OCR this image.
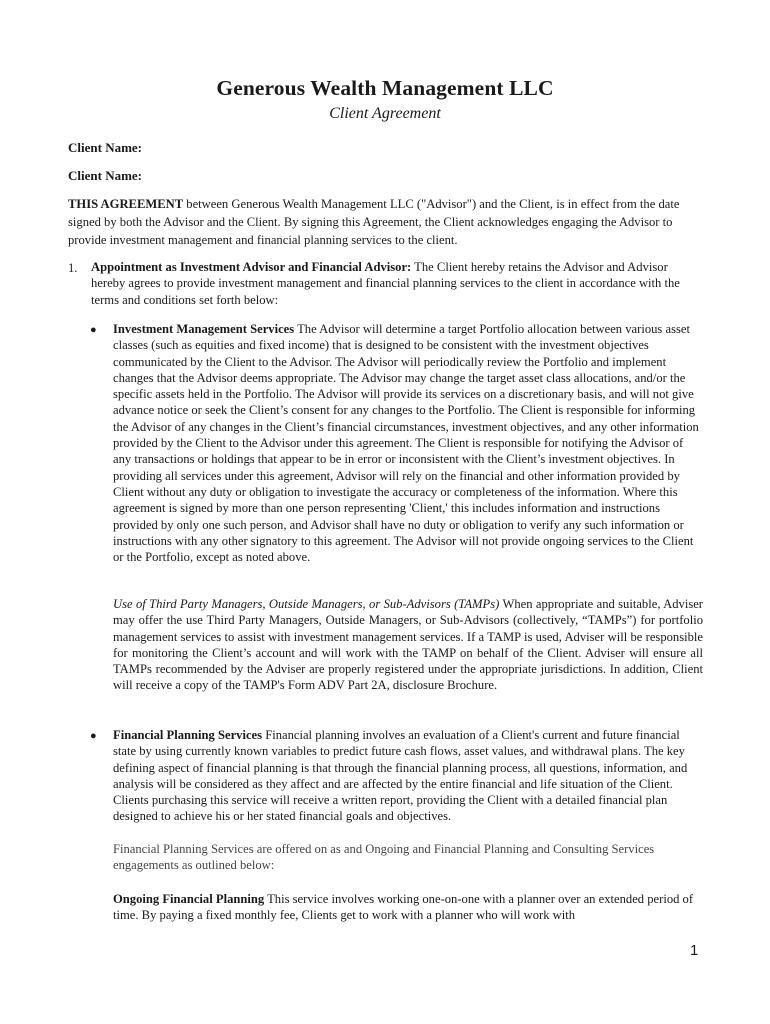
Generous Wealth Management LLC
Client Agreement
Client Name:
Client Name:

THIS AGREEMENT between Generous Wealth Management LLC ("Advisor") and the Client, is in effect from the date signed by both the Advisor and the Client. By signing this Agreement, the Client acknowledges engaging the Advisor to provide investment management and financial planning services to the client.

1. Appointment as Investment Advisor and Financial Advisor: The Client hereby retains the Advisor and Advisor hereby agrees to provide investment management and financial planning services to the client in accordance with the terms and conditions set forth below:

● Investment Management Services The Advisor will determine a target Portfolio allocation between various asset classes (such as equities and fixed income) that is designed to be consistent with the investment objectives communicated by the Client to the Advisor. The Advisor will periodically review the Portfolio and implement changes that the Advisor deems appropriate. The Advisor may change the target asset class allocations, and/or the specific assets held in the Portfolio. The Advisor will provide its services on a discretionary basis, and will not give advance notice or seek the Client’s consent for any changes to the Portfolio. The Client is responsible for informing the Advisor of any changes in the Client’s financial circumstances, investment objectives, and any other information provided by the Client to the Advisor under this agreement. The Client is responsible for notifying the Advisor of any transactions or holdings that appear to be in error or inconsistent with the Client’s investment objectives. In providing all services under this agreement, Advisor will rely on the financial and other information provided by Client without any duty or obligation to investigate the accuracy or completeness of the information. Where this agreement is signed by more than one person representing 'Client,' this includes information and instructions provided by only one such person, and Advisor shall have no duty or obligation to verify any such information or instructions with any other signatory to this agreement. The Advisor will not provide ongoing services to the Client or the Portfolio, except as noted above.

Use of Third Party Managers, Outside Managers, or Sub-Advisors (TAMPs) When appropriate and suitable, Adviser may offer the use Third Party Managers, Outside Managers, or Sub-Advisors (collectively, “TAMPs”) for portfolio management services to assist with investment management services. If a TAMP is used, Adviser will be responsible for monitoring the Client’s account and will work with the TAMP on behalf of the Client. Adviser will ensure all TAMPs recommended by the Adviser are properly registered under the appropriate jurisdictions. In addition, Client will receive a copy of the TAMP's Form ADV Part 2A, disclosure Brochure.

● Financial Planning Services Financial planning involves an evaluation of a Client's current and future financial state by using currently known variables to predict future cash flows, asset values, and withdrawal plans. The key defining aspect of financial planning is that through the financial planning process, all questions, information, and analysis will be considered as they affect and are affected by the entire financial and life situation of the Client. Clients purchasing this service will receive a written report, providing the Client with a detailed financial plan designed to achieve his or her stated financial goals and objectives.

Financial Planning Services are offered on as and Ongoing and Financial Planning and Consulting Services engagements as outlined below:

Ongoing Financial Planning This service involves working one-on-one with a planner over an extended period of time. By paying a fixed monthly fee, Clients get to work with a planner who will work with

1
